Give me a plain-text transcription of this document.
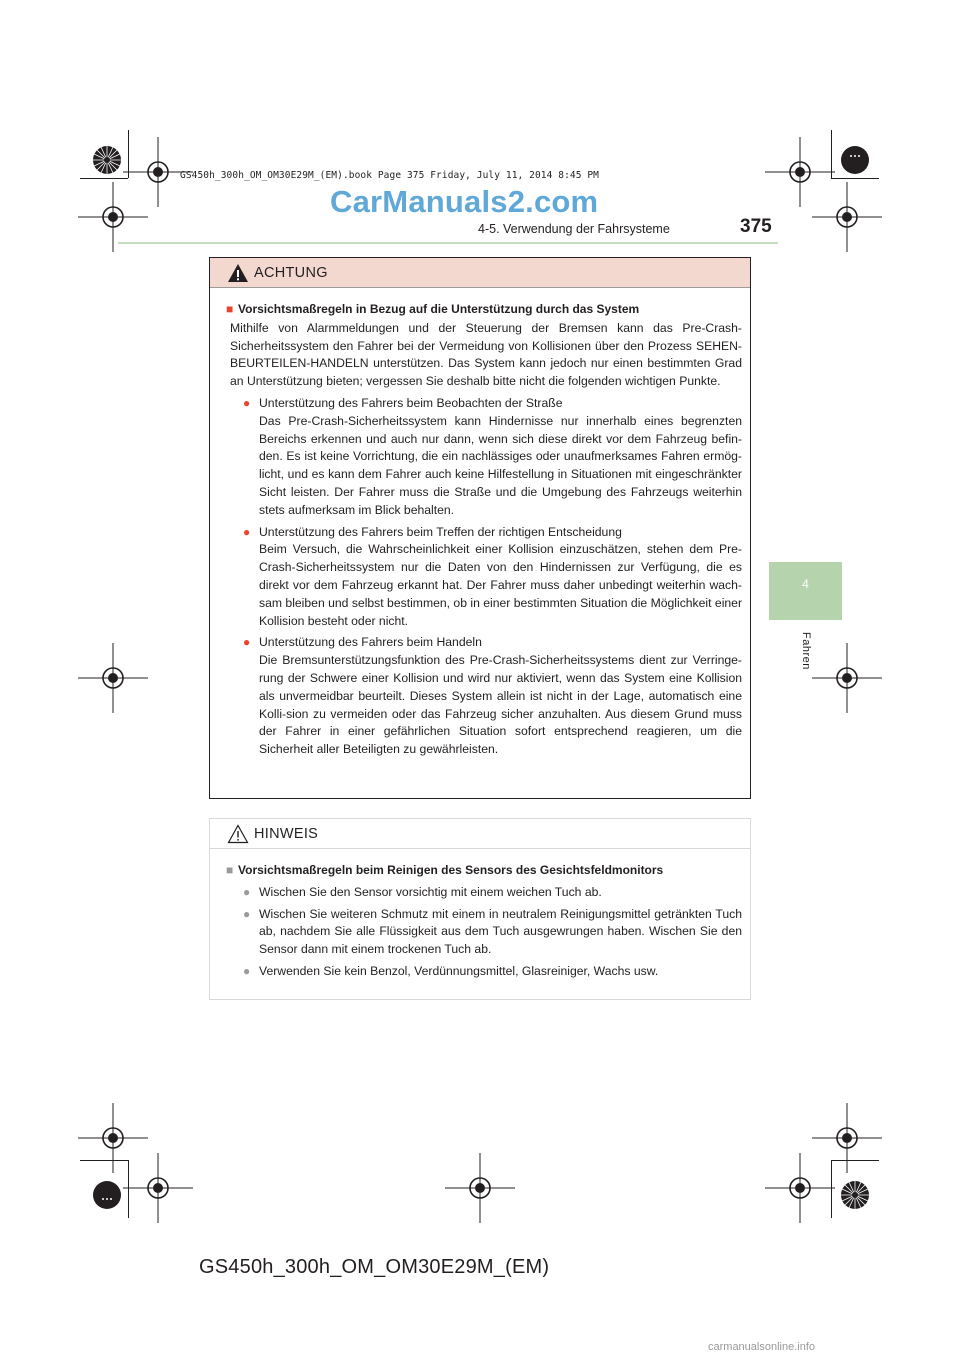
GS450h_300h_OM_OM30E29M_(EM).book Page 375 Friday, July 11, 2014 8:45 PM
CarManuals2.com
4-5. Verwendung der Fahrsysteme	375
4
Fahren
ACHTUNG
■ Vorsichtsmaßregeln in Bezug auf die Unterstützung durch das System

Mithilfe von Alarmmeldungen und der Steuerung der Bremsen kann das Pre-Crash-Sicherheitssystem den Fahrer bei der Vermeidung von Kollisionen über den Prozess SEHEN-BEURTEILEN-HANDELN unterstützen. Das System kann jedoch nur einen bestimmten Grad an Unterstützung bieten; vergessen Sie deshalb bitte nicht die folgenden wichtigen Punkte.

● Unterstützung des Fahrers beim Beobachten der Straße
Das Pre-Crash-Sicherheitssystem kann Hindernisse nur innerhalb eines begrenzten Bereichs erkennen und auch nur dann, wenn sich diese direkt vor dem Fahrzeug befin-den. Es ist keine Vorrichtung, die ein nachlässiges oder unaufmerksames Fahren ermög-licht, und es kann dem Fahrer auch keine Hilfestellung in Situationen mit eingeschränkter Sicht leisten. Der Fahrer muss die Straße und die Umgebung des Fahrzeugs weiterhin stets aufmerksam im Blick behalten.
● Unterstützung des Fahrers beim Treffen der richtigen Entscheidung
Beim Versuch, die Wahrscheinlichkeit einer Kollision einzuschätzen, stehen dem Pre-Crash-Sicherheitssystem nur die Daten von den Hindernissen zur Verfügung, die es direkt vor dem Fahrzeug erkannt hat. Der Fahrer muss daher unbedingt weiterhin wach-sam bleiben und selbst bestimmen, ob in einer bestimmten Situation die Möglichkeit einer Kollision besteht oder nicht.
● Unterstützung des Fahrers beim Handeln
Die Bremsunterstützungsfunktion des Pre-Crash-Sicherheitssystems dient zur Verringe-rung der Schwere einer Kollision und wird nur aktiviert, wenn das System eine Kollision als unvermeidbar beurteilt. Dieses System allein ist nicht in der Lage, automatisch eine Kolli-sion zu vermeiden oder das Fahrzeug sicher anzuhalten. Aus diesem Grund muss der Fahrer in einer gefährlichen Situation sofort entsprechend reagieren, um die Sicherheit aller Beteiligten zu gewährleisten.
HINWEIS
■ Vorsichtsmaßregeln beim Reinigen des Sensors des Gesichtsfeldmonitors
● Wischen Sie den Sensor vorsichtig mit einem weichen Tuch ab.
● Wischen Sie weiteren Schmutz mit einem in neutralem Reinigungsmittel getränkten Tuch ab, nachdem Sie alle Flüssigkeit aus dem Tuch ausgewrungen haben. Wischen Sie den Sensor dann mit einem trockenen Tuch ab.
● Verwenden Sie kein Benzol, Verdünnungsmittel, Glasreiniger, Wachs usw.
GS450h_300h_OM_OM30E29M_(EM)
carmanualsonline.info
